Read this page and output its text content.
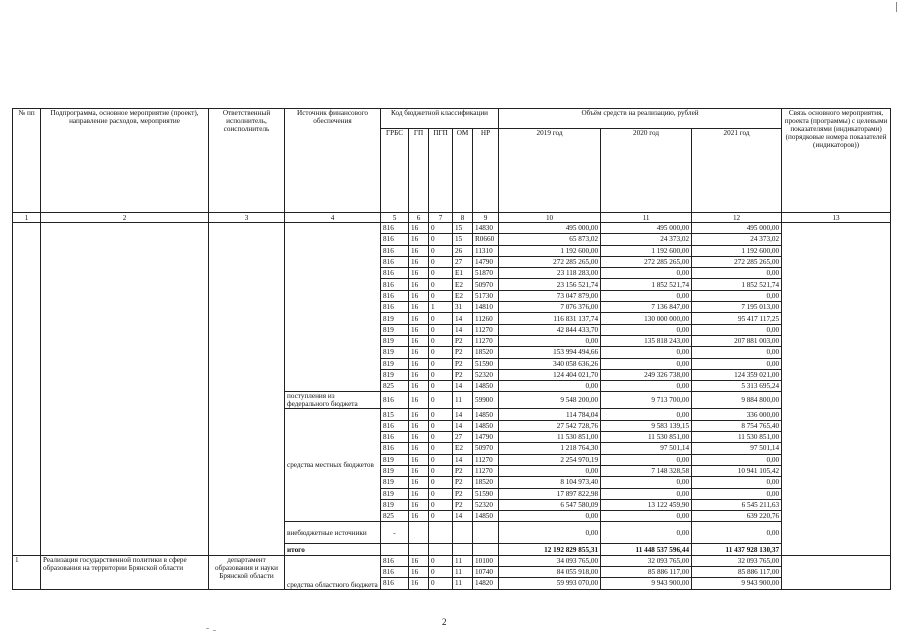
№ пп	Подпрограмма, основное мероприятие (проект), направление расходов, мероприятие	Ответственный исполнитель, соисполнитель	Источник финансового обеспечения	Код бюджетной классификации					Объём средств на реализацию, рублей			Связь основного мероприятия, проекта (программы) с целевыми показателями (индикаторами) (порядковые номера показателей (индикаторов))
				ГРБС	ГП	ПГП	ОМ	НР	2019 год	2020 год	2021 год	
1	2	3	4	5	6	7	8	9	10	11	12	13
				816	16	0	15	14830	495 000,00	495 000,00	495 000,00	
				816	16	0	15	R0660	65 873,02	24 373,02	24 373,02	
				816	16	0	26	11310	1 192 600,00	1 192 600,00	1 192 600,00	
				816	16	0	27	14790	272 285 265,00	272 285 265,00	272 285 265,00	
				816	16	0	E1	51870	23 118 283,00	0,00	0,00	
				816	16	0	E2	50970	23 156 521,74	1 852 521,74	1 852 521,74	
				816	16	0	E2	51730	73 047 879,00	0,00	0,00	
				816	16	1	31	14810	7 076 376,00	7 136 847,00	7 195 013,00	
				819	16	0	14	11260	116 831 137,74	130 000 000,00	95 417 117,25	
				819	16	0	14	11270	42 844 433,70	0,00	0,00	
				819	16	0	P2	11270	0,00	135 818 243,00	207 881 003,00	
				819	16	0	P2	18520	153 994 494,66	0,00	0,00	
				819	16	0	P2	51590	340 058 636,26	0,00	0,00	
				819	16	0	P2	52320	124 404 021,70	249 326 738,00	124 359 021,00	
				825	16	0	14	14850	0,00	0,00	5 313 695,24	
			поступления из федерального бюджета	816	16	0	11	59900	9 548 200,00	9 713 700,00	9 884 800,00	
			средства местных бюджетов	815	16	0	14	14850	114 784,04	0,00	336 000,00	
				816	16	0	14	14850	27 542 728,76	9 583 139,15	8 754 765,40	
				816	16	0	27	14790	11 530 851,00	11 530 851,00	11 530 851,00	
				816	16	0	E2	50970	1 218 764,30	97 501,14	97 501,14	
				819	16	0	14	11270	2 254 970,19	0,00	0,00	
				819	16	0	P2	11270	0,00	7 148 328,58	10 941 105,42	
				819	16	0	P2	18520	8 104 973,40	0,00	0,00	
				819	16	0	P2	51590	17 897 822,98	0,00	0,00	
				819	16	0	P2	52320	6 547 580,09	13 122 459,90	6 545 211,63	
				825	16	0	14	14850	0,00	0,00	639 220,76	
			внебюджетные источники	-					0,00	0,00	0,00	
			итого						12 192 829 855,31	11 448 537 596,44	11 437 928 130,37	
1	Реализация государственной политики в сфере образования на территории Брянской области	департамент образования и науки Брянской области	средства областного бюджета	816	16	0	11	10100	34 093 765,00	32 093 765,00	32 093 765,00	
				816	16	0	11	10740	84 055 918,00	85 886 117,00	85 886 117,00	
				816	16	0	11	14820	59 993 070,00	9 943 900,00	9 943 900,00	
2
